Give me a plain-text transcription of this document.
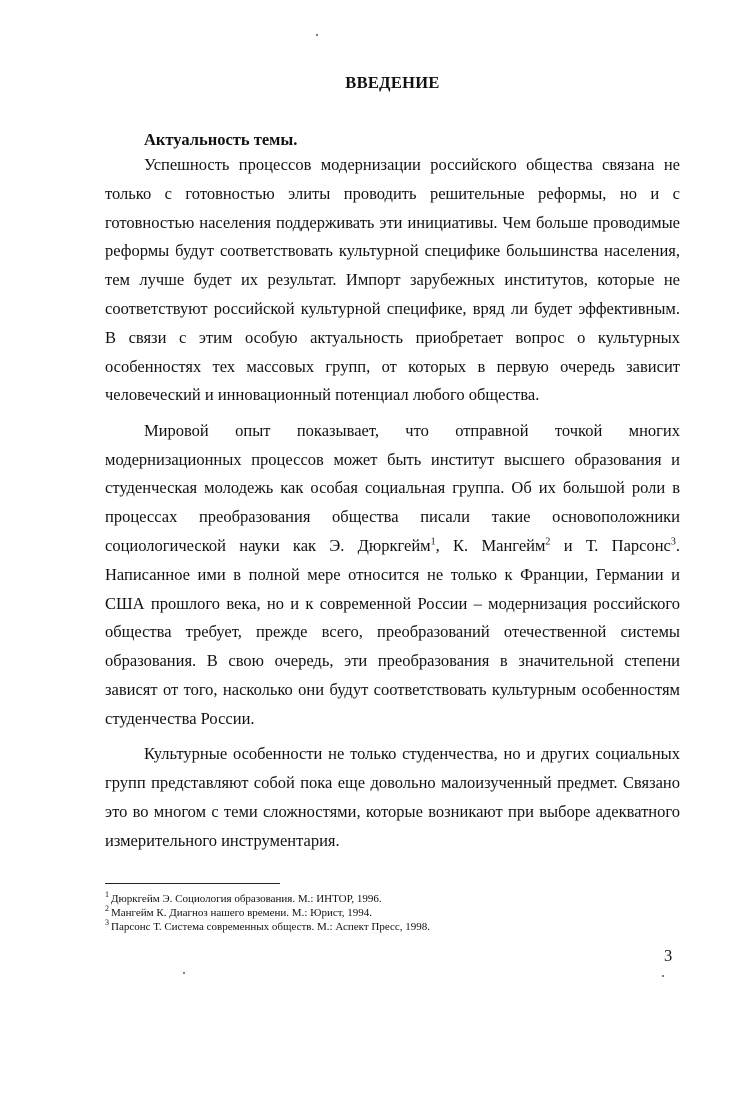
ВВЕДЕНИЕ
Актуальность темы.

Успешность процессов модернизации российского общества связана не только с готовностью элиты проводить решительные реформы, но и с готовностью населения поддерживать эти инициативы. Чем больше проводимые реформы будут соответствовать культурной специфике большинства населения, тем лучше будет их результат. Импорт зарубежных институтов, которые не соответствуют российской культурной специфике, вряд ли будет эффективным. В связи с этим особую актуальность приобретает вопрос о культурных особенностях тех массовых групп, от которых в первую очередь зависит человеческий и инновационный потенциал любого общества.

Мировой опыт показывает, что отправной точкой многих модернизационных процессов может быть институт высшего образования и студенческая молодежь как особая социальная группа. Об их большой роли в процессах преобразования общества писали такие основоположники социологической науки как Э. Дюркгейм$^1$, К. Мангейм$^2$ и Т. Парсонс$^3$. Написанное ими в полной мере относится не только к Франции, Германии и США прошлого века, но и к современной России – модернизация российского общества требует, прежде всего, преобразований отечественной системы образования. В свою очередь, эти преобразования в значительной степени зависят от того, насколько они будут соответствовать культурным особенностям студенчества России.

Культурные особенности не только студенчества, но и других социальных групп представляют собой пока еще довольно малоизученный предмет. Связано это во многом с теми сложностями, которые возникают при выборе адекватного измерительного инструментария.

$^1$ Дюркгейм Э. Социология образования. М.: ИНТОР, 1996.
$^2$ Мангейм К. Диагноз нашего времени. М.: Юрист, 1994.
$^3$ Парсонс Т. Система современных обществ. М.: Аспект Пресс, 1998.
3
